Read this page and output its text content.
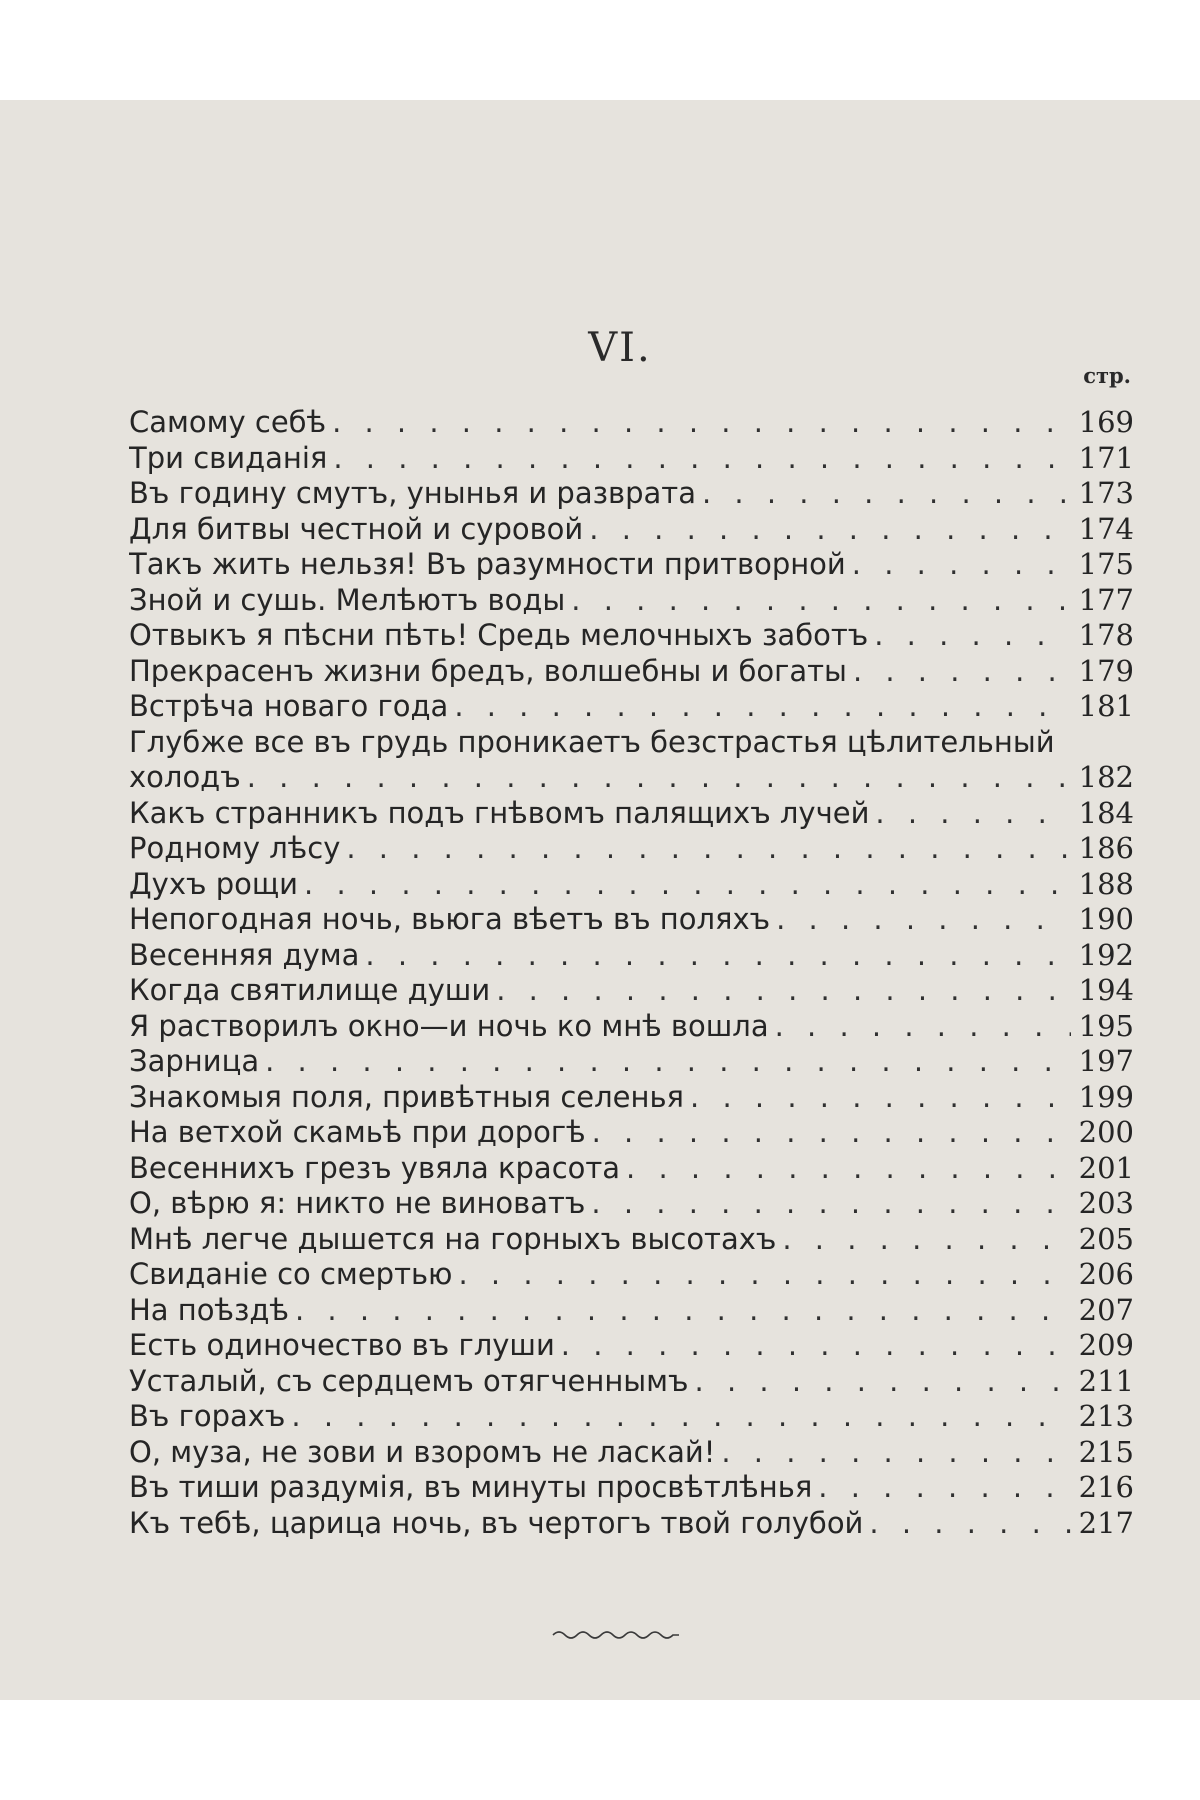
VI.
стр.
Самому себѣ . . .	169
Три свиданія . . .	171
Въ годину смутъ, унынья и разврата . . .	173
Для битвы честной и суровой . . .	174
Такъ жить нельзя! Въ разумности притворной . . .	175
Зной и сушь. Мелѣютъ воды . . .	177
Отвыкъ я пѣсни пѣть! Средь мелочныхъ заботъ . . .	178
Прекрасенъ жизни бредъ, волшебны и богаты . . .	179
Встрѣча новаго года . . .	181
Глубже все въ грудь проникаетъ безстрастья цѣлительный
холодъ . . .	182
Какъ странникъ подъ гнѣвомъ палящихъ лучей . . .	184
Родному лѣсу . . .	186
Духъ рощи . . .	188
Непогодная ночь, вьюга вѣетъ въ поляхъ . . .	190
Весенняя дума . . .	192
Когда святилище души . . .	194
Я растворилъ окно—и ночь ко мнѣ вошла . . .	195
Зарница . . .	197
Знакомыя поля, привѣтныя селенья . . .	199
На ветхой скамьѣ при дорогѣ . . .	200
Весеннихъ грезъ увяла красота . . .	201
О, вѣрю я: никто не виноватъ . . .	203
Мнѣ легче дышется на горныхъ высотахъ . . .	205
Свиданіе со смертью . . .	206
На поѣздѣ . . .	207
Есть одиночество въ глуши . . .	209
Усталый, съ сердцемъ отягченнымъ . . .	211
Въ горахъ . . .	213
О, муза, не зови и взоромъ не ласкай! . . .	215
Въ тиши раздумія, въ минуты просвѣтлѣнья . . .	216
Къ тебѣ, царица ночь, въ чертогъ твой голубой . . .	217
